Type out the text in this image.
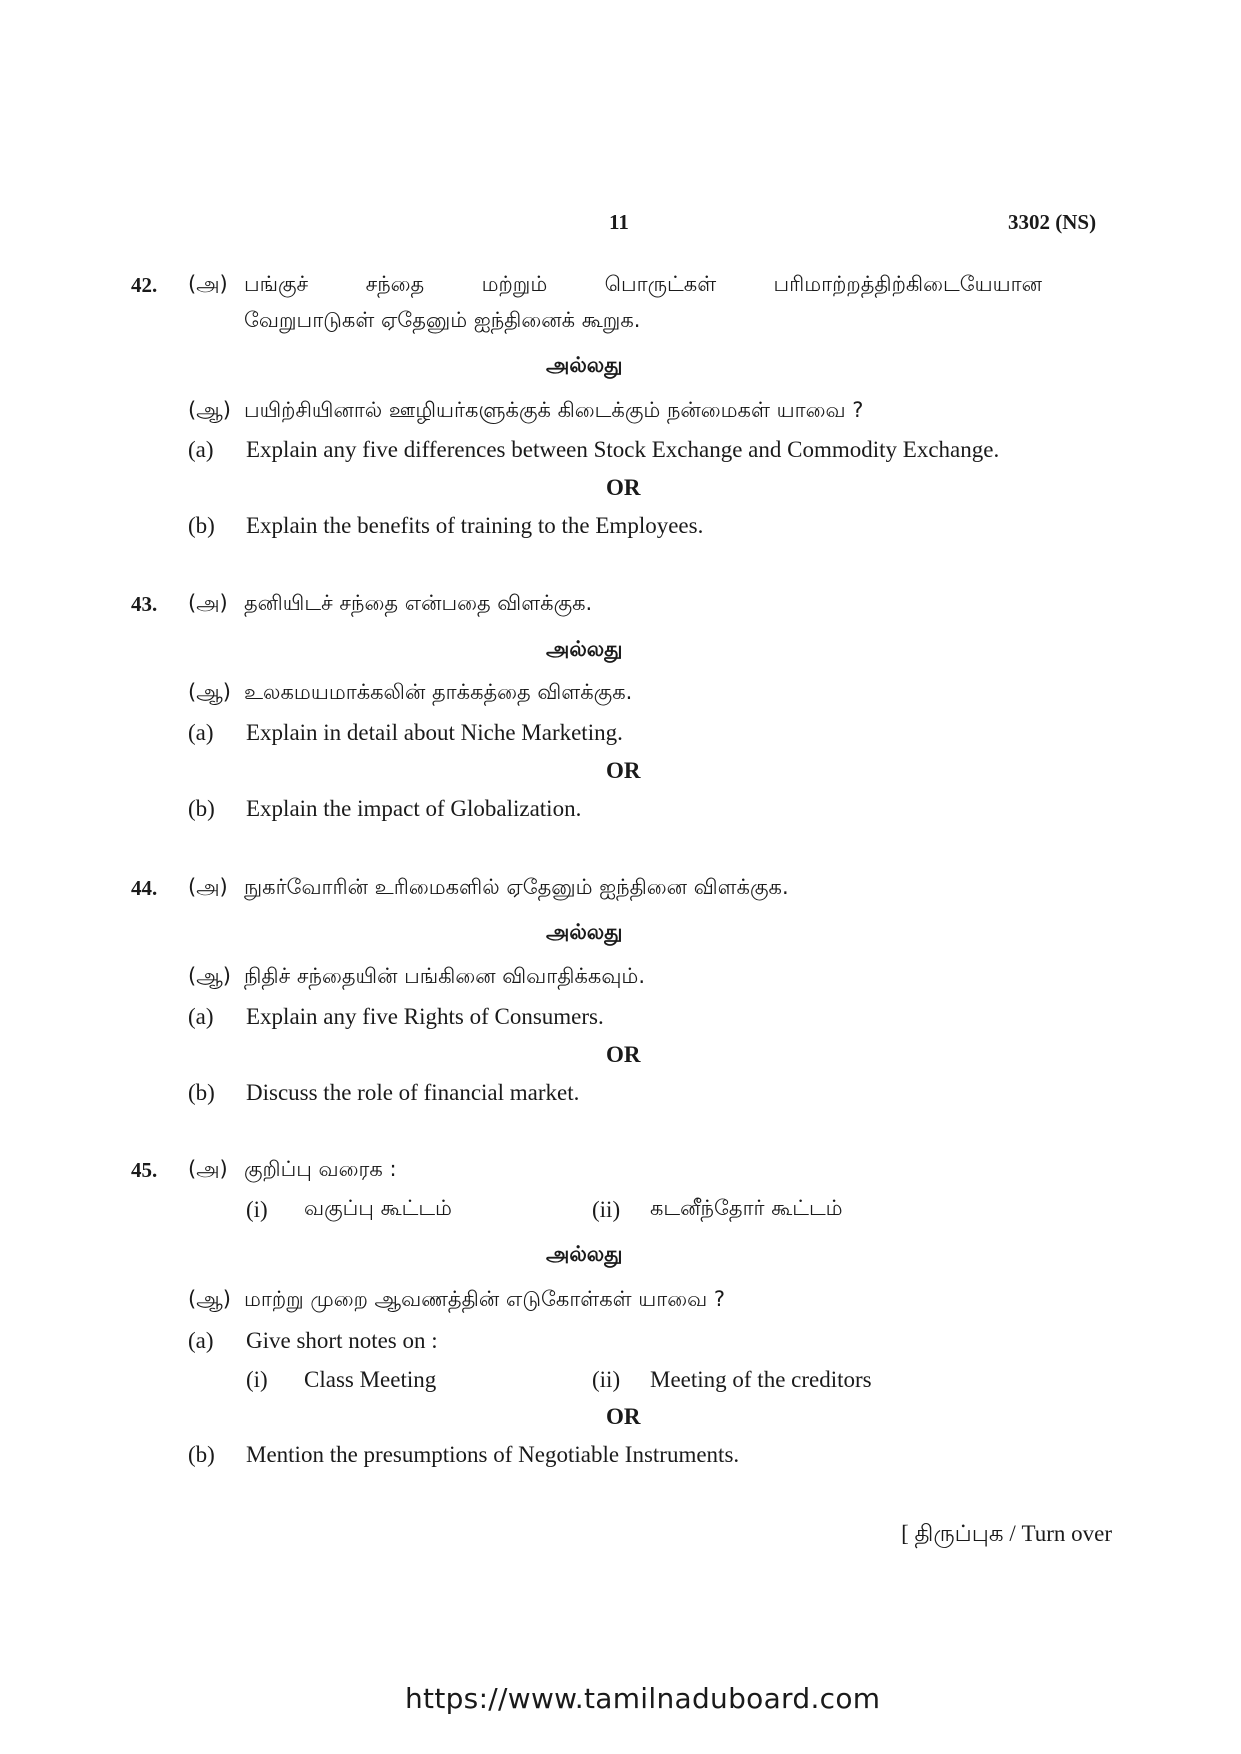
11	3302 (NS)
42. (அ) பங்குச்	சந்தை	மற்றும்	பொருட்கள்	பரிமாற்றத்திற்கிடையேயான
வேறுபாடுகள் ஏதேனும் ஐந்தினைக் கூறுக.
அல்லது
(ஆ) பயிற்சியினால் ஊழியர்களுக்குக் கிடைக்கும் நன்மைகள் யாவை ?
(a) Explain any five differences between Stock Exchange and Commodity Exchange.
OR
(b) Explain the benefits of training to the Employees.
43. (அ) தனியிடச் சந்தை என்பதை விளக்குக.
அல்லது
(ஆ) உலகமயமாக்கலின் தாக்கத்தை விளக்குக.
(a) Explain in detail about Niche Marketing.
OR
(b) Explain the impact of Globalization.
44. (அ) நுகர்வோரின் உரிமைகளில் ஏதேனும் ஐந்தினை விளக்குக.
அல்லது
(ஆ) நிதிச் சந்தையின் பங்கினை விவாதிக்கவும்.
(a) Explain any five Rights of Consumers.
OR
(b) Discuss the role of financial market.
45. (அ) குறிப்பு வரைக :
(i) வகுப்பு கூட்டம்	(ii) கடனீந்தோர் கூட்டம்
அல்லது
(ஆ) மாற்று முறை ஆவணத்தின் எடுகோள்கள் யாவை ?
(a) Give short notes on :
(i) Class Meeting	(ii) Meeting of the creditors
OR
(b) Mention the presumptions of Negotiable Instruments.
[ திருப்புக / Turn over
https://www.tamilnaduboard.com
